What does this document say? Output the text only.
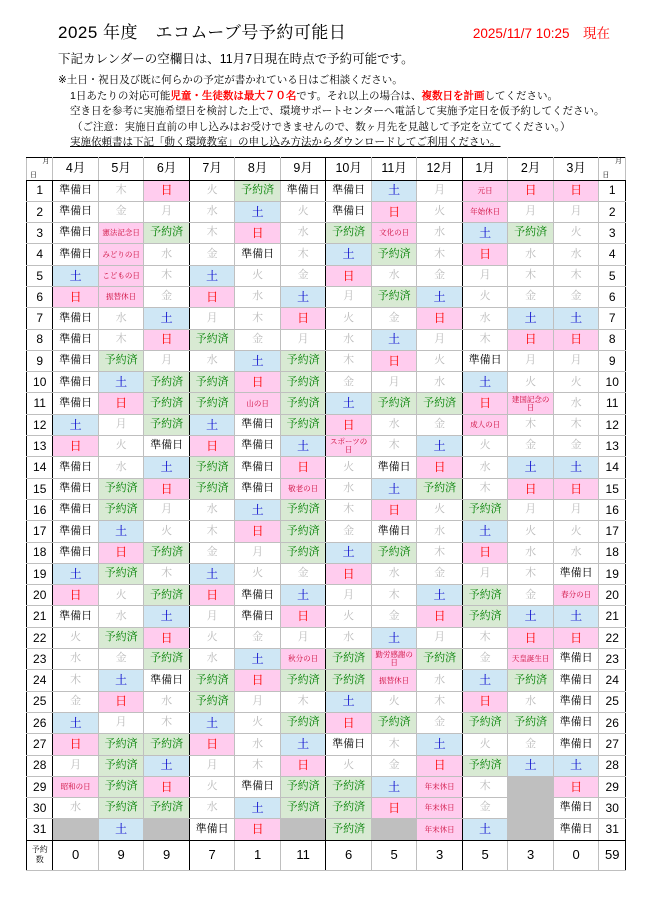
2025 年度　エコムーブ号予約可能日	2025/11/7 10:25　現在
下記カレンダーの空欄日は、11月7日現在時点で予約可能です。
※土日・祝日及び既に何らかの予定が書かれている日はご相談ください。
1日あたりの対応可能児童・生徒数は最大７０名です。それ以上の場合は、複数日を計画してください。
空き日を参考に実施希望日を検討した上で、環境サポートセンターへ電話して実施予定日を仮予約してください。
（ご注意：実施日直前の申し込みはお受けできませんので、数ヶ月先を見越して予定を立ててください。）
実施依頼書は下記「動く環境教室」の申し込み方法からダウンロードしてご利用ください。
月
日	4月	5月	6月	7月	8月	9月	10月	11月	12月	1月	2月	3月	月
日

1	準備日	木	日	火	予約済	準備日	準備日	土	月	元日	日	日	1
2	準備日	金	月	水	土	火	準備日	日	火	年始休日	月	月	2
3	準備日	憲法記念日	予約済	木	日	水	予約済	文化の日	水	土	予約済	火	3
4	準備日	みどりの日	水	金	準備日	木	土	予約済	木	日	水	水	4
5	土	こどもの日	木	土	火	金	日	水	金	月	木	木	5
6	日	振替休日	金	日	水	土	月	予約済	土	火	金	金	6
7	準備日	水	土	月	木	日	火	金	日	水	土	土	7
8	準備日	木	日	予約済	金	月	水	土	月	木	日	日	8
9	準備日	予約済	月	水	土	予約済	木	日	火	準備日	月	月	9
10	準備日	土	予約済	予約済	日	予約済	金	月	水	土	火	火	10
11	準備日	日	予約済	予約済	山の日	予約済	土	予約済	予約済	日	建国記念の日	水	11
12	土	月	予約済	土	準備日	予約済	日	水	金	成人の日	木	木	12
13	日	火	準備日	日	準備日	土	スポーツの日	木	土	火	金	金	13
14	準備日	水	土	予約済	準備日	日	火	準備日	日	水	土	土	14
15	準備日	予約済	日	予約済	準備日	敬老の日	水	土	予約済	木	日	日	15
16	準備日	予約済	月	水	土	予約済	木	日	火	予約済	月	月	16
17	準備日	土	火	木	日	予約済	金	準備日	水	土	火	火	17
18	準備日	日	予約済	金	月	予約済	土	予約済	木	日	水	水	18
19	土	予約済	木	土	火	金	日	水	金	月	木	準備日	19
20	日	火	予約済	日	準備日	土	月	木	土	予約済	金	春分の日	20
21	準備日	水	土	月	準備日	日	火	金	日	予約済	土	土	21
22	火	予約済	日	火	金	月	水	土	月	木	日	日	22
23	水	金	予約済	水	土	秋分の日	予約済	勤労感謝の日	予約済	金	天皇誕生日	準備日	23
24	木	土	準備日	予約済	日	予約済	予約済	振替休日	水	土	予約済	準備日	24
25	金	日	水	予約済	月	木	土	火	木	日	水	準備日	25
26	土	月	木	土	火	予約済	日	予約済	金	予約済	予約済	準備日	26
27	日	予約済	予約済	日	水	土	準備日	木	土	火	金	準備日	27
28	月	予約済	土	月	木	日	火	金	日	予約済	土	土	28
29	昭和の日	予約済	日	火	準備日	予約済	予約済	土	年末休日	木		日	29
30	水	予約済	予約済	水	土	予約済	予約済	日	年末休日	金		準備日	30
31		土		準備日	日		予約済		年末休日	土		準備日	31

予約
数	0	9	9	7	1	11	6	5	3	5	3	0	59
